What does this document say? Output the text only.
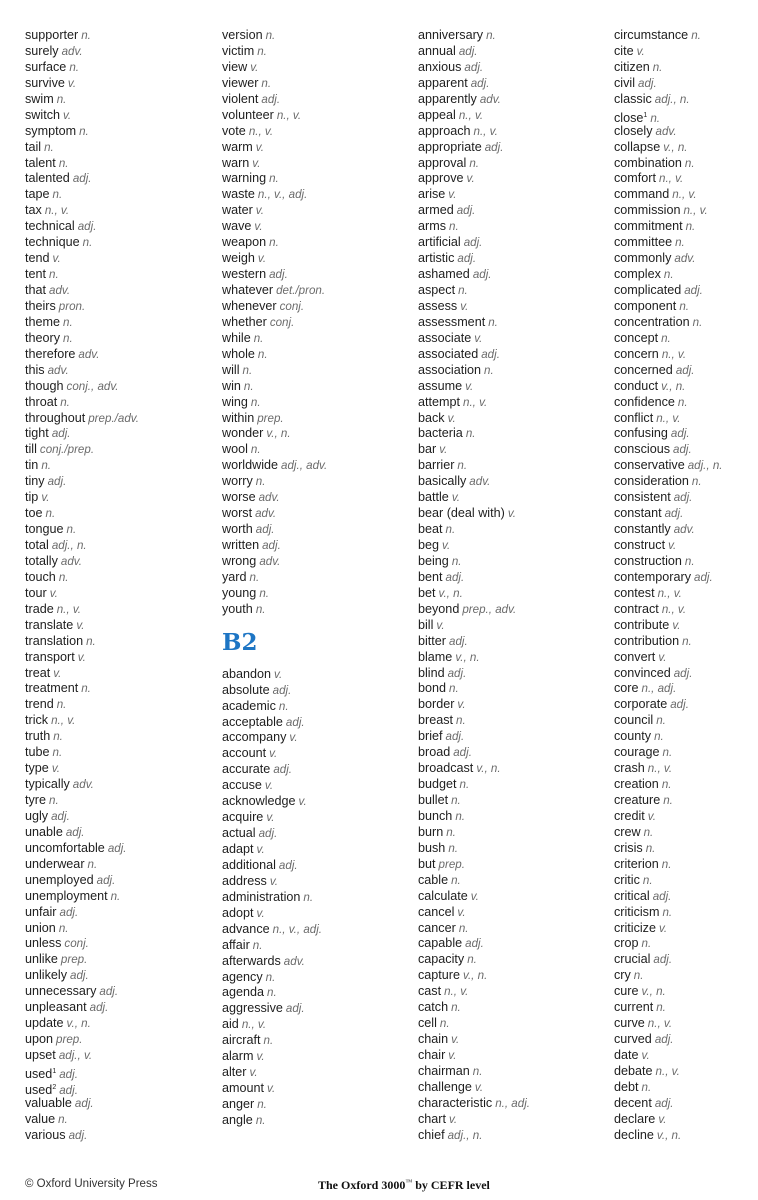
supporter n.
surely adv.
surface n.
survive v.
swim n.
switch v.
symptom n.
tail n.
talent n.
talented adj.
tape n.
tax n., v.
technical adj.
technique n.
tend v.
tent n.
that adv.
theirs pron.
theme n.
theory n.
therefore adv.
this adv.
though conj., adv.
throat n.
throughout prep./adv.
tight adj.
till conj./prep.
tin n.
tiny adj.
tip v.
toe n.
tongue n.
total adj., n.
totally adv.
touch n.
tour v.
trade n., v.
translate v.
translation n.
transport v.
treat v.
treatment n.
trend n.
trick n., v.
truth n.
tube n.
type v.
typically adv.
tyre n.
ugly adj.
unable adj.
uncomfortable adj.
underwear n.
unemployed adj.
unemployment n.
unfair adj.
union n.
unless conj.
unlike prep.
unlikely adj.
unnecessary adj.
unpleasant adj.
update v., n.
upon prep.
upset adj., v.
used$^1$ adj.
used$^2$ adj.
valuable adj.
value n.
various adj.
version n.
victim n.
view v.
viewer n.
violent adj.
volunteer n., v.
vote n., v.
warm v.
warn v.
warning n.
waste n., v., adj.
water v.
wave v.
weapon n.
weigh v.
western adj.
whatever det./pron.
whenever conj.
whether conj.
while n.
whole n.
will n.
win n.
wing n.
within prep.
wonder v., n.
wool n.
worldwide adj., adv.
worry n.
worse adv.
worst adv.
worth adj.
written adj.
wrong adv.
yard n.
young n.
youth n.
B2
abandon v.
absolute adj.
academic n.
acceptable adj.
accompany v.
account v.
accurate adj.
accuse v.
acknowledge v.
acquire v.
actual adj.
adapt v.
additional adj.
address v.
administration n.
adopt v.
advance n., v., adj.
affair n.
afterwards adv.
agency n.
agenda n.
aggressive adj.
aid n., v.
aircraft n.
alarm v.
alter v.
amount v.
anger n.
angle n.
anniversary n.
annual adj.
anxious adj.
apparent adj.
apparently adv.
appeal n., v.
approach n., v.
appropriate adj.
approval n.
approve v.
arise v.
armed adj.
arms n.
artificial adj.
artistic adj.
ashamed adj.
aspect n.
assess v.
assessment n.
associate v.
associated adj.
association n.
assume v.
attempt n., v.
back v.
bacteria n.
bar v.
barrier n.
basically adv.
battle v.
bear (deal with) v.
beat n.
beg v.
being n.
bent adj.
bet v., n.
beyond prep., adv.
bill v.
bitter adj.
blame v., n.
blind adj.
bond n.
border v.
breast n.
brief adj.
broad adj.
broadcast v., n.
budget n.
bullet n.
bunch n.
burn n.
bush n.
but prep.
cable n.
calculate v.
cancel v.
cancer n.
capable adj.
capacity n.
capture v., n.
cast n., v.
catch n.
cell n.
chain v.
chair v.
chairman n.
challenge v.
characteristic n., adj.
chart v.
chief adj., n.
circumstance n.
cite v.
citizen n.
civil adj.
classic adj., n.
close$^1$ n.
closely adv.
collapse v., n.
combination n.
comfort n., v.
command n., v.
commission n., v.
commitment n.
committee n.
commonly adv.
complex n.
complicated adj.
component n.
concentration n.
concept n.
concern n., v.
concerned adj.
conduct v., n.
confidence n.
conflict n., v.
confusing adj.
conscious adj.
conservative adj., n.
consideration n.
consistent adj.
constant adj.
constantly adv.
construct v.
construction n.
contemporary adj.
contest n., v.
contract n., v.
contribute v.
contribution n.
convert v.
convinced adj.
core n., adj.
corporate adj.
council n.
county n.
courage n.
crash n., v.
creation n.
creature n.
credit v.
crew n.
crisis n.
criterion n.
critic n.
critical adj.
criticism n.
criticize v.
crop n.
crucial adj.
cry n.
cure v., n.
current n.
curve n., v.
curved adj.
date v.
debate n., v.
debt n.
decent adj.
declare v.
decline v., n.
© Oxford University Press	The Oxford 3000™ by CEFR level
